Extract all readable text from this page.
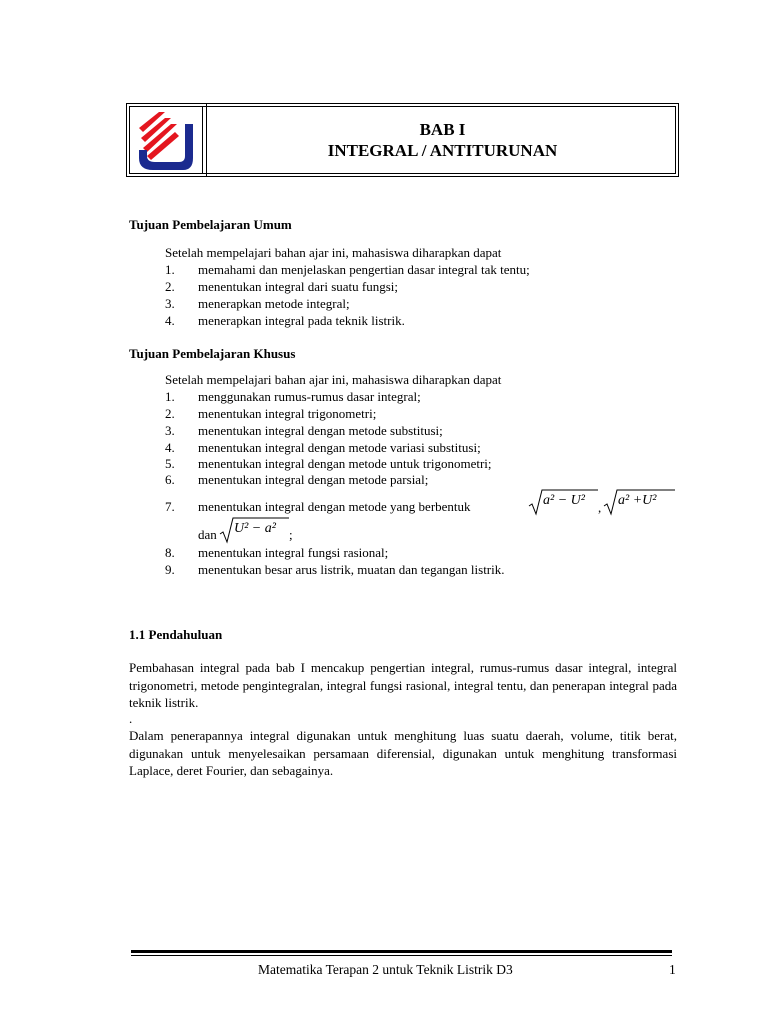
BAB I
INTEGRAL / ANTITURUNAN
Tujuan Pembelajaran Umum
Setelah mempelajari bahan ajar ini, mahasiswa diharapkan dapat
1. memahami dan menjelaskan pengertian dasar integral tak tentu;
2. menentukan integral dari suatu fungsi;
3. menerapkan metode integral;
4. menerapkan integral pada teknik listrik.
Tujuan Pembelajaran Khusus
Setelah mempelajari bahan ajar ini, mahasiswa diharapkan dapat
1. menggunakan rumus-rumus dasar integral;
2. menentukan integral trigonometri;
3. menentukan integral dengan metode substitusi;
4. menentukan integral dengan metode variasi substitusi;
5. menentukan integral dengan metode untuk trigonometri;
6. menentukan integral dengan metode parsial;
7. menentukan integral dengan metode yang berbentuk	a² − U² , a² +U²
dan U² − a² ;
8. menentukan integral fungsi rasional;
9. menentukan besar arus listrik, muatan dan tegangan listrik.
1.1 Pendahuluan
Pembahasan integral pada bab I mencakup pengertian integral, rumus-rumus dasar integral, integral trigonometri, metode pengintegralan, integral fungsi rasional, integral tentu, dan penerapan integral pada teknik listrik.
.
Dalam penerapannya integral digunakan untuk menghitung luas suatu daerah, volume, titik berat, digunakan untuk menyelesaikan persamaan diferensial, digunakan untuk menghitung transformasi Laplace, deret Fourier, dan sebagainya.
Matematika Terapan 2 untuk Teknik Listrik D3	1
